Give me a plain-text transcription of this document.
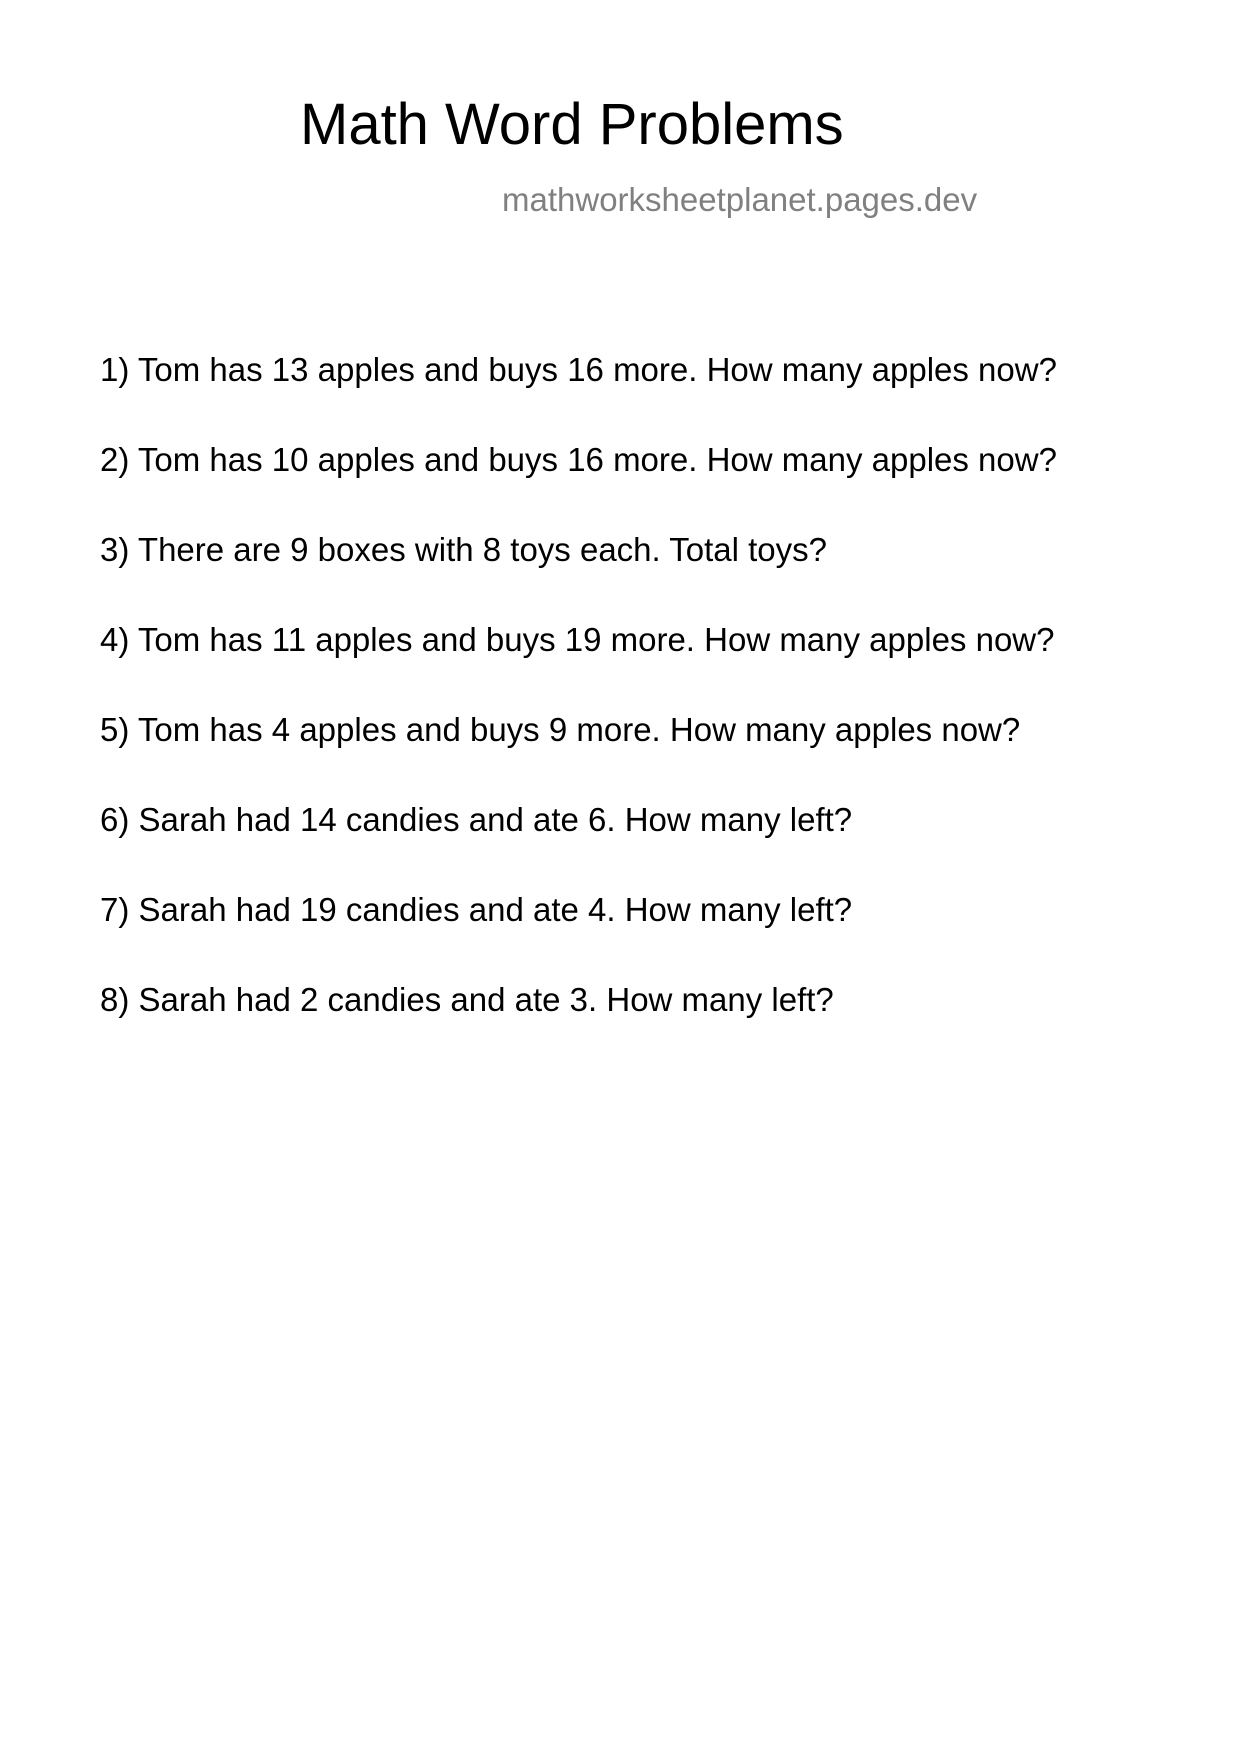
Math Word Problems
mathworksheetplanet.pages.dev
1) Tom has 13 apples and buys 16 more. How many apples now?
2) Tom has 10 apples and buys 16 more. How many apples now?
3) There are 9 boxes with 8 toys each. Total toys?
4) Tom has 11 apples and buys 19 more. How many apples now?
5) Tom has 4 apples and buys 9 more. How many apples now?
6) Sarah had 14 candies and ate 6. How many left?
7) Sarah had 19 candies and ate 4. How many left?
8) Sarah had 2 candies and ate 3. How many left?
